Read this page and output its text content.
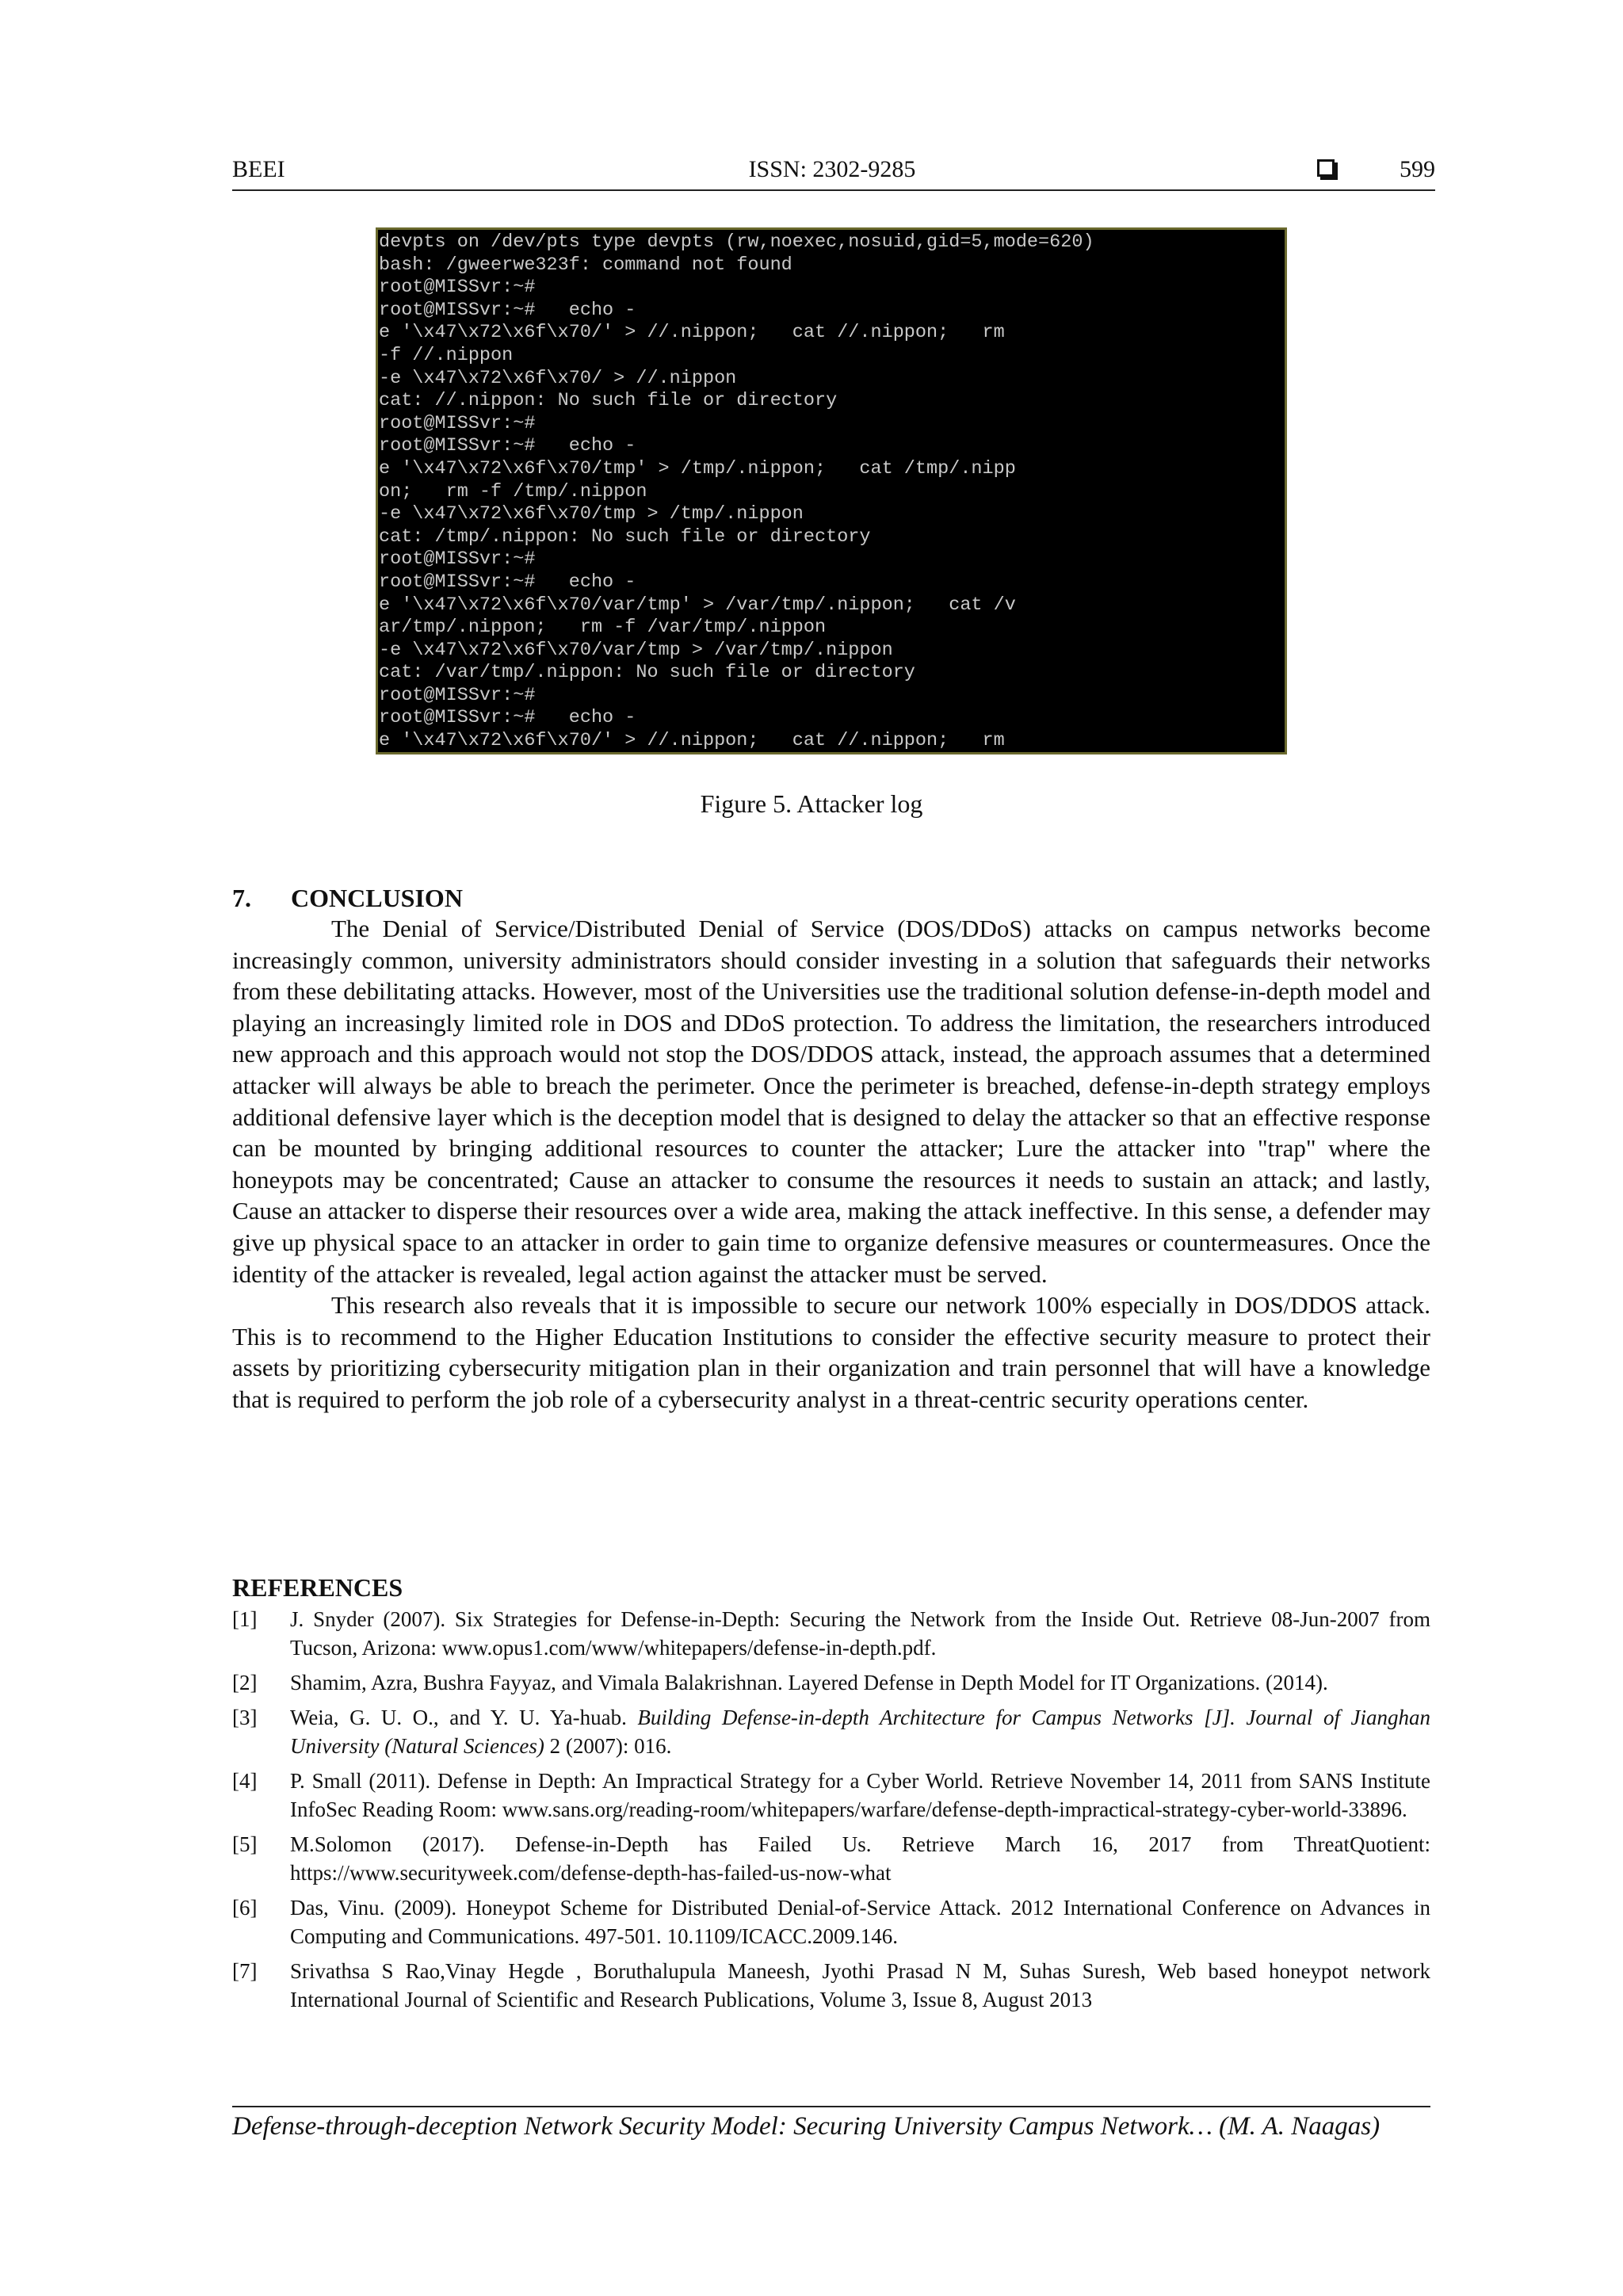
BEEI	ISSN: 2302-9285	599
devpts on /dev/pts type devpts (rw,noexec,nosuid,gid=5,mode=620)
bash: /gweerwe323f: command not found
root@MISSvr:~#
root@MISSvr:~#   echo -
e '\x47\x72\x6f\x70/' > //.nippon;   cat //.nippon;   rm
-f //.nippon
-e \x47\x72\x6f\x70/ > //.nippon
cat: //.nippon: No such file or directory
root@MISSvr:~#
root@MISSvr:~#   echo -
e '\x47\x72\x6f\x70/tmp' > /tmp/.nippon;   cat /tmp/.nipp
on;   rm -f /tmp/.nippon
-e \x47\x72\x6f\x70/tmp > /tmp/.nippon
cat: /tmp/.nippon: No such file or directory
root@MISSvr:~#
root@MISSvr:~#   echo -
e '\x47\x72\x6f\x70/var/tmp' > /var/tmp/.nippon;   cat /v
ar/tmp/.nippon;   rm -f /var/tmp/.nippon
-e \x47\x72\x6f\x70/var/tmp > /var/tmp/.nippon
cat: /var/tmp/.nippon: No such file or directory
root@MISSvr:~#
root@MISSvr:~#   echo -
e '\x47\x72\x6f\x70/' > //.nippon;   cat //.nippon;   rm
Figure 5. Attacker log
7. CONCLUSION

The Denial of Service/Distributed Denial of Service (DOS/DDoS) attacks on campus networks become increasingly common, university administrators should consider investing in a solution that safeguards their networks from these debilitating attacks. However, most of the Universities use the traditional solution defense-in-depth model and playing an increasingly limited role in DOS and DDoS protection. To address the limitation, the researchers introduced new approach and this approach would not stop the DOS/DDOS attack, instead, the approach assumes that a determined attacker will always be able to breach the perimeter. Once the perimeter is breached, defense-in-depth strategy employs additional defensive layer which is the deception model that is designed to delay the attacker so that an effective response can be mounted by bringing additional resources to counter the attacker; Lure the attacker into "trap" where the honeypots may be concentrated; Cause an attacker to consume the resources it needs to sustain an attack; and lastly, Cause an attacker to disperse their resources over a wide area, making the attack ineffective. In this sense, a defender may give up physical space to an attacker in order to gain time to organize defensive measures or countermeasures. Once the identity of the attacker is revealed, legal action against the attacker must be served.

This research also reveals that it is impossible to secure our network 100% especially in DOS/DDOS attack. This is to recommend to the Higher Education Institutions to consider the effective security measure to protect their assets by prioritizing cybersecurity mitigation plan in their organization and train personnel that will have a knowledge that is required to perform the job role of a cybersecurity analyst in a threat-centric security operations center.

REFERENCES
[1]	J. Snyder (2007). Six Strategies for Defense-in-Depth: Securing the Network from the Inside Out. Retrieve 08-Jun-2007 from Tucson, Arizona: www.opus1.com/www/whitepapers/defense-in-depth.pdf.
[2]	Shamim, Azra, Bushra Fayyaz, and Vimala Balakrishnan. Layered Defense in Depth Model for IT Organizations. (2014).
[3]	Weia, G. U. O., and Y. U. Ya-huab. Building Defense-in-depth Architecture for Campus Networks [J]. Journal of Jianghan University (Natural Sciences) 2 (2007): 016.
[4]	P. Small (2011). Defense in Depth: An Impractical Strategy for a Cyber World. Retrieve November 14, 2011 from SANS Institute InfoSec Reading Room: www.sans.org/reading-room/whitepapers/warfare/defense-depth-impractical-strategy-cyber-world-33896.
[5]	M.Solomon (2017). Defense-in-Depth has Failed Us. Retrieve March 16, 2017 from ThreatQuotient: https://www.securityweek.com/defense-depth-has-failed-us-now-what
[6]	Das, Vinu. (2009). Honeypot Scheme for Distributed Denial-of-Service Attack. 2012 International Conference on Advances in Computing and Communications. 497-501. 10.1109/ICACC.2009.146.
[7]	Srivathsa S Rao,Vinay Hegde , Boruthalupula Maneesh, Jyothi Prasad N M, Suhas Suresh, Web based honeypot network International Journal of Scientific and Research Publications, Volume 3, Issue 8, August 2013
Defense-through-deception Network Security Model: Securing University Campus Network… (M. A. Naagas)
